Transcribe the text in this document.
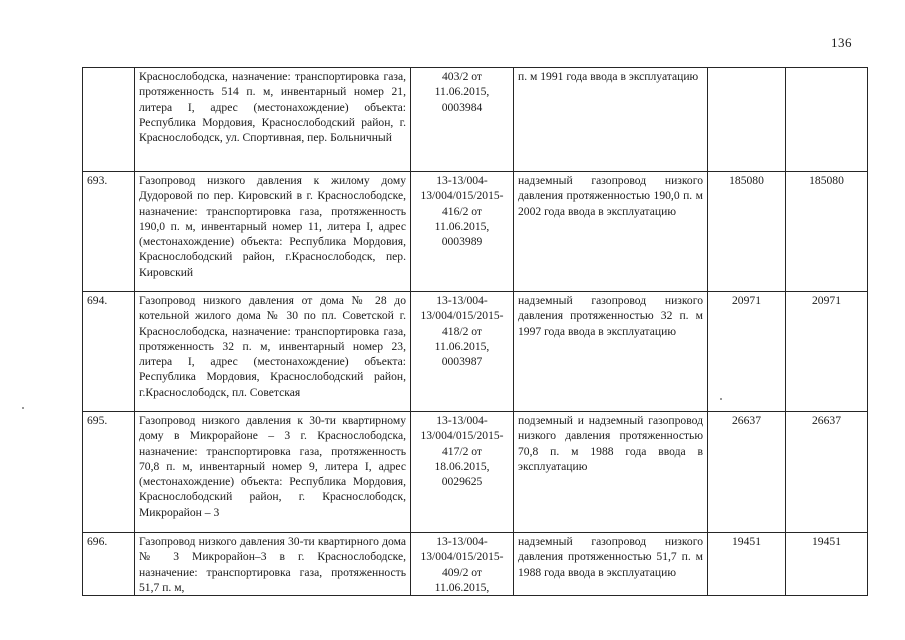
136
	Краснослободска, назначение: транспортировка газа, протяженность 514 п. м, инвентарный номер 21, литера I, адрес (местонахождение) объекта: Республика Мордовия, Краснослободский район, г. Краснослободск, ул. Спортивная, пер. Больничный	403/2 от 11.06.2015, 0003984	п. м 1991 года ввода в эксплуатацию		
693.	Газопровод низкого давления к жилому дому Дудоровой по пер. Кировский в г. Краснослободске, назначение: транспортировка газа, протяженность 190,0 п. м, инвентарный номер 11, литера I, адрес (местонахождение) объекта: Республика Мордовия, Краснослободский район, г.Краснослободск, пер. Кировский	13-13/004-13/004/015/2015-416/2 от 11.06.2015, 0003989	надземный газопровод низкого давления протяженностью 190,0 п. м 2002 года ввода в эксплуатацию	185080	185080
694.	Газопровод низкого давления от дома № 28 до котельной жилого дома № 30 по пл. Советской г. Краснослободска, назначение: транспортировка газа, протяженность 32 п. м, инвентарный номер 23, литера I, адрес (местонахождение) объекта: Республика Мордовия, Краснослободский район, г.Краснослободск, пл. Советская	13-13/004-13/004/015/2015-418/2 от 11.06.2015, 0003987	надземный газопровод низкого давления протяженностью 32 п. м 1997 года ввода в эксплуатацию	20971	20971
695.	Газопровод низкого давления к 30-ти квартирному дому в Микрорайоне – 3 г. Краснослободска, назначение: транспортировка газа, протяженность 70,8 п. м, инвентарный номер 9, литера I, адрес (местонахождение) объекта: Республика Мордовия, Краснослободский район, г. Краснослободск, Микрорайон – 3	13-13/004-13/004/015/2015-417/2 от 18.06.2015, 0029625	подземный и надземный газопровод низкого давления протяженностью 70,8 п. м 1988 года ввода в эксплуатацию	26637	26637
696.	Газопровод низкого давления 30-ти квартирного дома № 3 Микрорайон–3 в г. Краснослободске, назначение: транспортировка газа, протяженность 51,7 п. м,	13-13/004-13/004/015/2015-409/2 от 11.06.2015,	надземный газопровод низкого давления протяженностью 51,7 п. м 1988 года ввода в эксплуатацию	19451	19451
